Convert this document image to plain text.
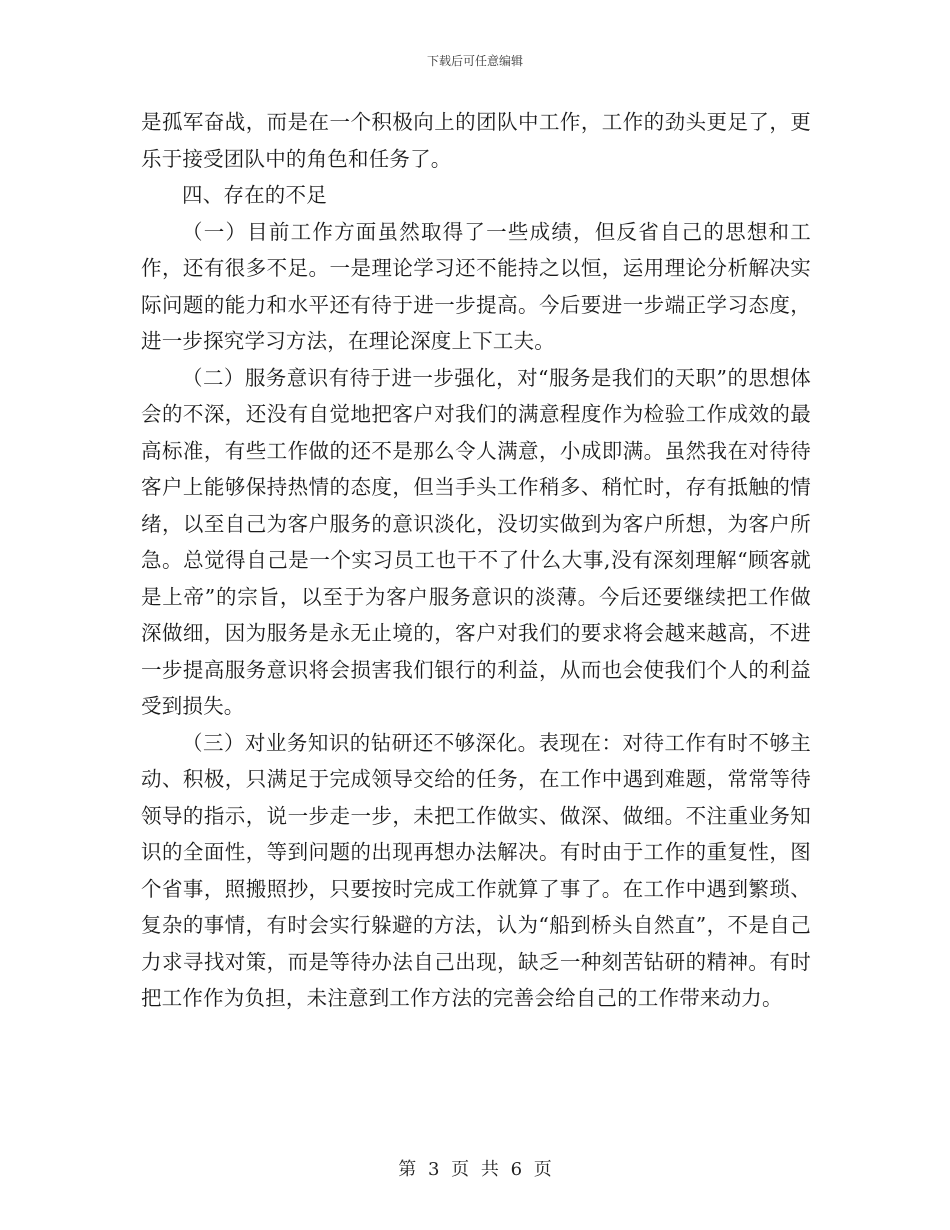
下载后可任意编辑

是孤军奋战，而是在一个积极向上的团队中工作，工作的劲头更足了，更乐于接受团队中的角色和任务了。

四、存在的不足

（一）目前工作方面虽然取得了一些成绩，但反省自己的思想和工作，还有很多不足。一是理论学习还不能持之以恒，运用理论分析解决实际问题的能力和水平还有待于进一步提高。今后要进一步端正学习态度，进一步探究学习方法，在理论深度上下工夫。

（二）服务意识有待于进一步强化，对“服务是我们的天职”的思想体会的不深，还没有自觉地把客户对我们的满意程度作为检验工作成效的最高标准，有些工作做的还不是那么令人满意，小成即满。虽然我在对待待客户上能够保持热情的态度，但当手头工作稍多、稍忙时，存有抵触的情绪，以至自己为客户服务的意识淡化，没切实做到为客户所想，为客户所急。总觉得自己是一个实习员工也干不了什么大事,没有深刻理解“顾客就是上帝”的宗旨，以至于为客户服务意识的淡薄。今后还要继续把工作做深做细，因为服务是永无止境的，客户对我们的要求将会越来越高，不进一步提高服务意识将会损害我们银行的利益，从而也会使我们个人的利益受到损失。

（三）对业务知识的钻研还不够深化。表现在：对待工作有时不够主动、积极，只满足于完成领导交给的任务，在工作中遇到难题，常常等待领导的指示，说一步走一步，未把工作做实、做深、做细。不注重业务知识的全面性，等到问题的出现再想办法解决。有时由于工作的重复性，图个省事，照搬照抄，只要按时完成工作就算了事了。在工作中遇到繁琐、复杂的事情，有时会实行躲避的方法，认为“船到桥头自然直”，不是自己力求寻找对策，而是等待办法自己出现，缺乏一种刻苦钻研的精神。有时把工作作为负担，未注意到工作方法的完善会给自己的工作带来动力。

第 3 页 共 6 页
